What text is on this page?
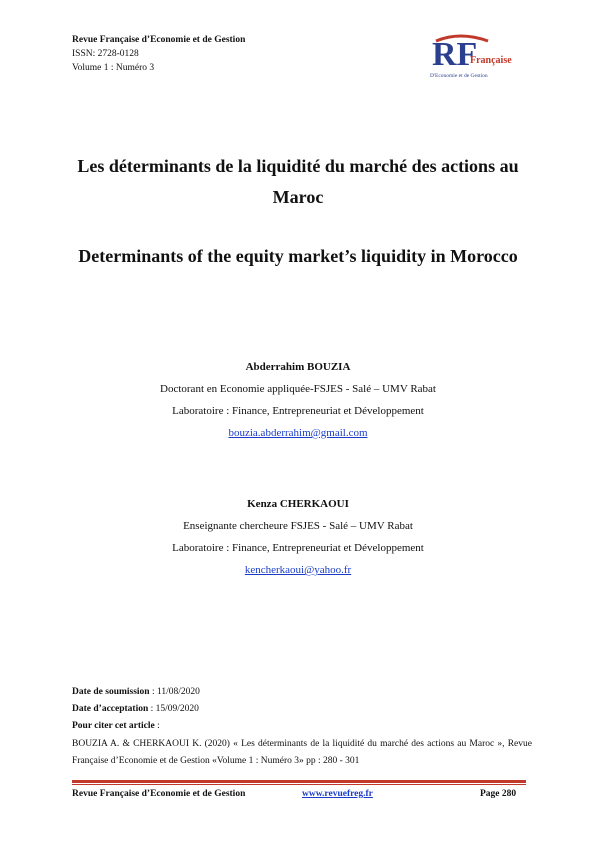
Revue Française d’Economie et de Gestion
ISSN: 2728-0128
Volume 1 : Numéro 3	RF
Française
D'Economie et de Gestion
Les déterminants de la liquidité du marché des actions au
Maroc
Determinants of the equity market’s liquidity in Morocco
Abderrahim BOUZIA
Doctorant en Economie appliquée-FSJES - Salé – UMV Rabat
Laboratoire : Finance, Entrepreneuriat et Développement
bouzia.abderrahim@gmail.com
Kenza CHERKAOUI
Enseignante chercheure FSJES - Salé – UMV Rabat
Laboratoire : Finance, Entrepreneuriat et Développement
kencherkaoui@yahoo.fr
Date de soumission : 11/08/2020
Date d’acceptation : 15/09/2020
Pour citer cet article :
BOUZIA A. & CHERKAOUI K. (2020) « Les déterminants de la liquidité du marché des actions au Maroc », Revue Française d’Economie et de Gestion «Volume 1 : Numéro 3» pp : 280 - 301
Revue Française d’Economie et de Gestion	www.revuefreg.fr	Page 280
